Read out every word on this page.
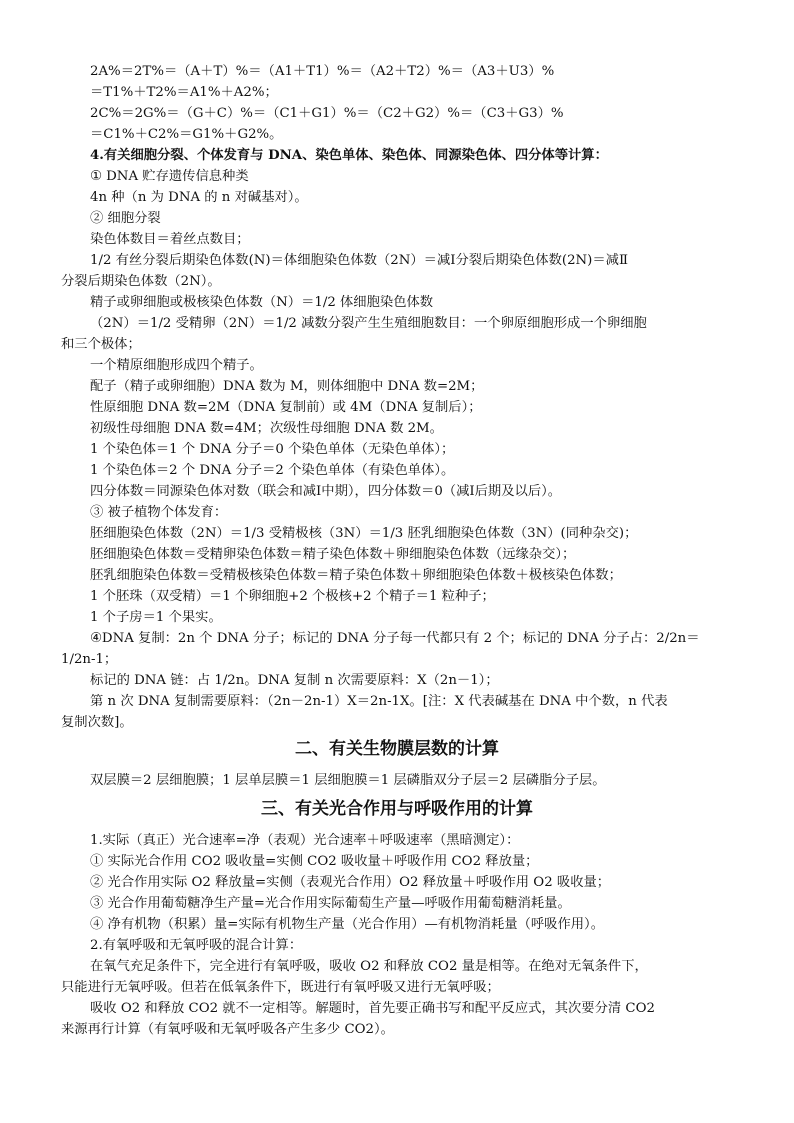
2A%＝2T%＝（A＋T）%＝（A1＋T1）%＝（A2＋T2）%＝（A3＋U3）%
＝T1%＋T2%＝A1%＋A2%；
2C%＝2G%＝（G＋C）%＝（C1＋G1）%＝（C2＋G2）%＝（C3＋G3）%
＝C1%＋C2%＝G1%＋G2%。
4.有关细胞分裂、个体发育与 DNA、染色单体、染色体、同源染色体、四分体等计算：
① DNA 贮存遗传信息种类
4n 种（n 为 DNA 的 n 对碱基对）。
② 细胞分裂
染色体数目＝着丝点数目；
1/2 有丝分裂后期染色体数(N)＝体细胞染色体数（2N）＝减Ⅰ分裂后期染色体数(2N)＝减Ⅱ
分裂后期染色体数（2N）。
精子或卵细胞或极核染色体数（N）＝1/2 体细胞染色体数
（2N）＝1/2 受精卵（2N）＝1/2 减数分裂产生生殖细胞数目：一个卵原细胞形成一个卵细胞
和三个极体；
一个精原细胞形成四个精子。
配子（精子或卵细胞）DNA 数为 M，则体细胞中 DNA 数=2M；
性原细胞 DNA 数=2M（DNA 复制前）或 4M（DNA 复制后）；
初级性母细胞 DNA 数=4M；次级性母细胞 DNA 数 2M。
1 个染色体＝1 个 DNA 分子＝0 个染色单体（无染色单体）；
1 个染色体＝2 个 DNA 分子＝2 个染色单体（有染色单体）。
四分体数＝同源染色体对数（联会和减Ⅰ中期），四分体数＝0（减Ⅰ后期及以后）。
③ 被子植物个体发育：
胚细胞染色体数（2N）＝1/3 受精极核（3N）＝1/3 胚乳细胞染色体数（3N）(同种杂交)；
胚细胞染色体数＝受精卵染色体数＝精子染色体数＋卵细胞染色体数（远缘杂交）；
胚乳细胞染色体数＝受精极核染色体数＝精子染色体数＋卵细胞染色体数＋极核染色体数；
1 个胚珠（双受精）＝1 个卵细胞+2 个极核+2 个精子＝1 粒种子；
1 个子房＝1 个果实。
④DNA 复制：2n 个 DNA 分子；标记的 DNA 分子每一代都只有 2 个；标记的 DNA 分子占：2/2n＝
1/2n-1；
标记的 DNA 链：占 1/2n。DNA 复制 n 次需要原料：X（2n－1）；
第 n 次 DNA 复制需要原料：（2n－2n-1）X＝2n-1X。[注：X 代表碱基在 DNA 中个数，n 代表
复制次数]。
二、有关生物膜层数的计算
双层膜＝2 层细胞膜；1 层单层膜＝1 层细胞膜＝1 层磷脂双分子层＝2 层磷脂分子层。
三、有关光合作用与呼吸作用的计算
1.实际（真正）光合速率=净（表观）光合速率＋呼吸速率（黑暗测定）：
① 实际光合作用 CO2 吸收量=实侧 CO2 吸收量＋呼吸作用 CO2 释放量；
② 光合作用实际 O2 释放量=实侧（表观光合作用）O2 释放量＋呼吸作用 O2 吸收量；
③ 光合作用葡萄糖净生产量=光合作用实际葡萄生产量—呼吸作用葡萄糖消耗量。
④ 净有机物（积累）量=实际有机物生产量（光合作用）—有机物消耗量（呼吸作用）。
2.有氧呼吸和无氧呼吸的混合计算：
在氧气充足条件下，完全进行有氧呼吸，吸收 O2 和释放 CO2 量是相等。在绝对无氧条件下，
只能进行无氧呼吸。但若在低氧条件下，既进行有氧呼吸又进行无氧呼吸；
吸收 O2 和释放 CO2 就不一定相等。解题时，首先要正确书写和配平反应式，其次要分清 CO2
来源再行计算（有氧呼吸和无氧呼吸各产生多少 CO2）。
